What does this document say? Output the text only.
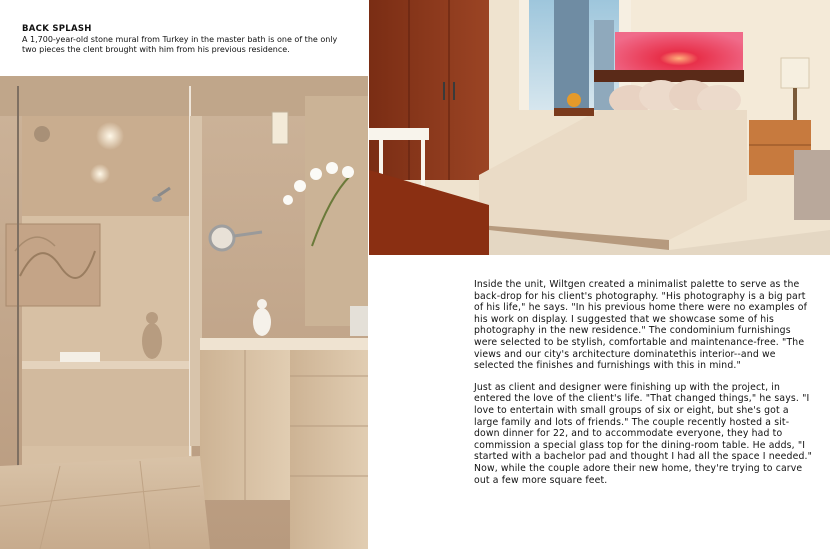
BACK SPLASH
A 1,700-year-old stone mural from Turkey in the master bath is one of the only two pieces the clent brought with him from his previous residence.

Inside the unit, Wiltgen created a minimalist palette to serve as the back-drop for his client's photography. "His photography is a big part of his life," he says. "In his previous home there were no examples of his work on display. I suggested that we showcase some of his photography in the new residence." The condominium furnishings were selected to be stylish, comfortable and maintenance-free. "The views and our city's architecture dominatethis interior--and we selected the finishes and furnishings with this in mind."

Just as client and designer were finishing up with the project, in entered the love of the client's life. "That changed things," he says. "I love to entertain with small groups of six or eight, but she's got a large family and lots of friends." The couple recently hosted a sit-down dinner for 22, and to accommodate everyone, they had to commission a special glass top for the dining-room table. He adds, "I started with a bachelor pad and thought I had all the space I needed." Now, while the couple adore their new home, they're trying to carve out a few more square feet.
